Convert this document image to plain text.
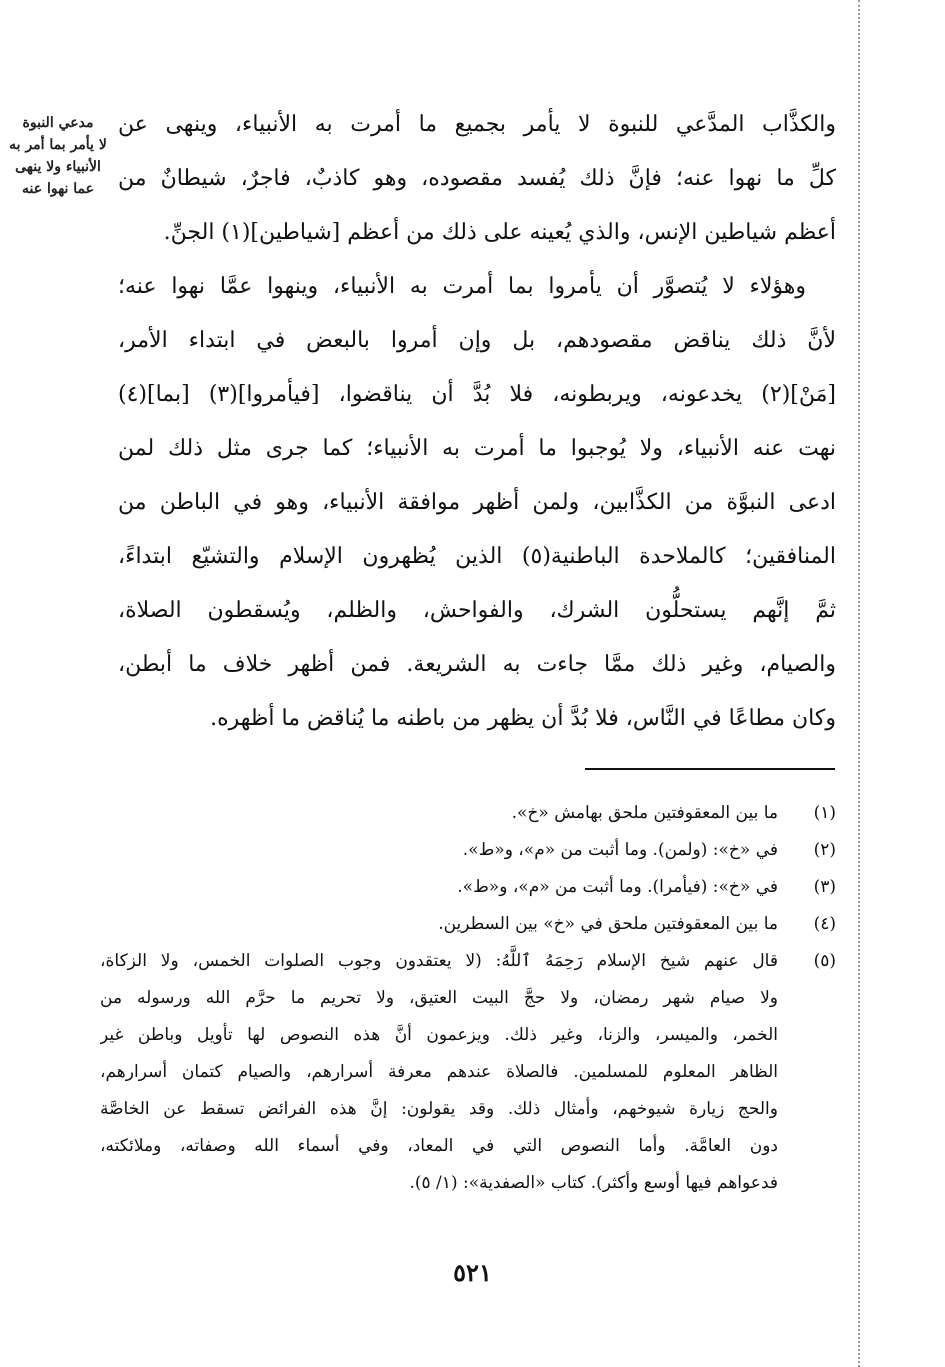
مدعي النبوة
لا يأمر بما أمر به
الأنبياء ولا ينهى
عما نهوا عنه
والكذَّاب المدَّعي للنبوة لا يأمر بجميع ما أمرت به الأنبياء، وينهى عن
كلِّ ما نهوا عنه؛ فإنَّ ذلك يُفسد مقصوده، وهو كاذبٌ، فاجرٌ، شيطانٌ من
أعظم شياطين الإنس، والذي يُعينه على ذلك من أعظم [شياطين](١) الجنِّ.
وهؤلاء لا يُتصوَّر أن يأمروا بما أمرت به الأنبياء، وينهوا عمَّا نهوا عنه؛
لأنَّ ذلك يناقض مقصودهم، بل وإن أمروا بالبعض في ابتداء الأمر،
[مَنْ](٢) يخدعونه، ويربطونه، فلا بُدَّ أن يناقضوا، [فيأمروا](٣) [بما](٤)
نهت عنه الأنبياء، ولا يُوجبوا ما أمرت به الأنبياء؛ كما جرى مثل ذلك لمن
ادعى النبوَّة من الكذَّابين، ولمن أظهر موافقة الأنبياء، وهو في الباطن من
المنافقين؛ كالملاحدة الباطنية(٥) الذين يُظهرون الإسلام والتشيّع ابتداءً،
ثمَّ إنَّهم يستحلُّون الشرك، والفواحش، والظلم، ويُسقطون الصلاة،
والصيام، وغير ذلك ممَّا جاءت به الشريعة. فمن أظهر خلاف ما أبطن،
وكان مطاعًا في النَّاس، فلا بُدَّ أن يظهر من باطنه ما يُناقض ما أظهره.
(١)
ما بين المعقوفتين ملحق بهامش «خ».
(٢)
في «خ»: (ولمن). وما أثبت من «م»، و«ط».
(٣)
في «خ»: (فيأمرا). وما أثبت من «م»، و«ط».
(٤)
ما بين المعقوفتين ملحق في «خ» بين السطرين.
(٥)
قال عنهم شيخ الإسلام رَحِمَهُ ٱللَّهُ: (لا يعتقدون وجوب الصلوات الخمس، ولا الزكاة،
ولا صيام شهر رمضان، ولا حجَّ البيت العتيق، ولا تحريم ما حرَّم الله ورسوله من
الخمر، والميسر، والزنا، وغير ذلك. ويزعمون أنَّ هذه النصوص لها تأويل وباطن غير
الظاهر المعلوم للمسلمين. فالصلاة عندهم معرفة أسرارهم، والصيام كتمان أسرارهم،
والحج زيارة شيوخهم، وأمثال ذلك. وقد يقولون: إنَّ هذه الفرائض تسقط عن الخاصَّة
دون العامَّة. وأما النصوص التي في المعاد، وفي أسماء الله وصفاته، وملائكته،
فدعواهم فيها أوسع وأكثر). كتاب «الصفدية»: (١/ ٥).
٥٢١
